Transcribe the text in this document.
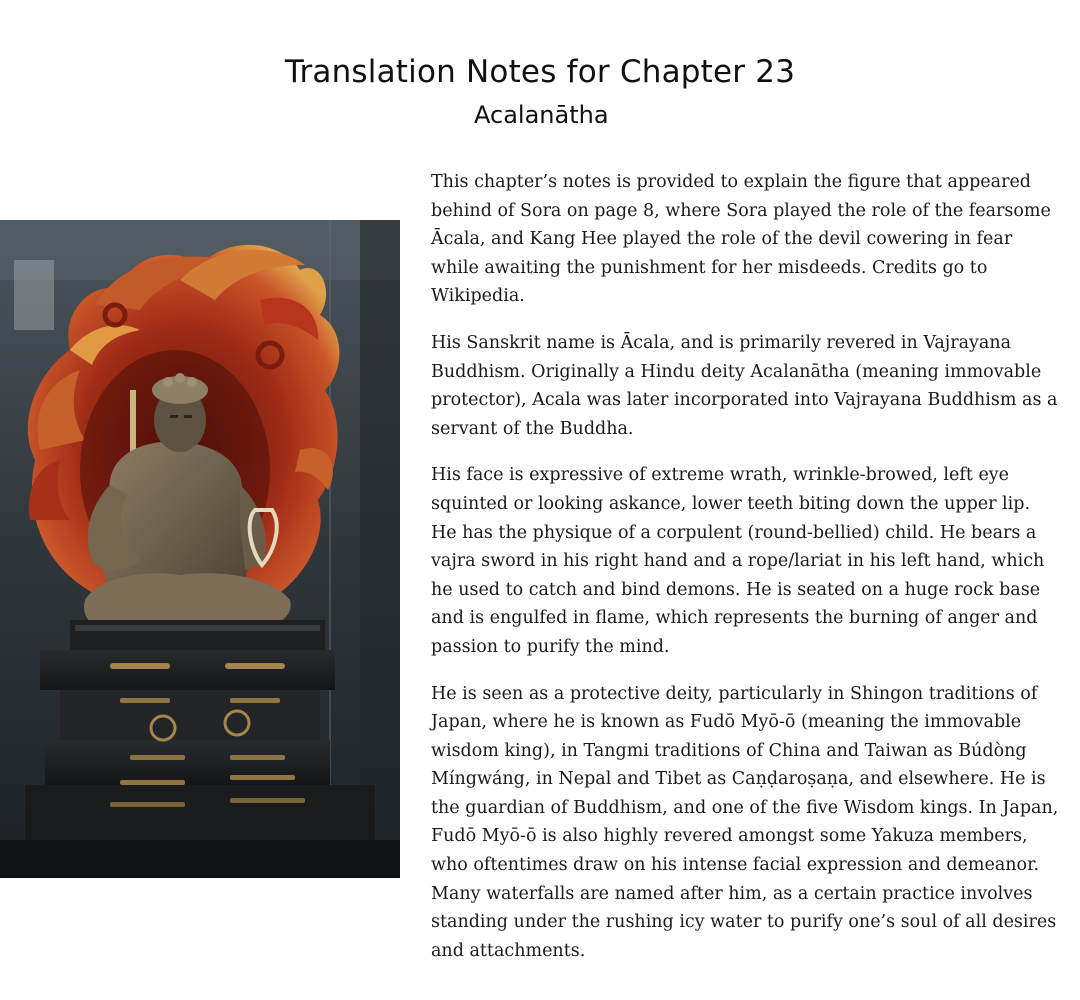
Translation Notes for Chapter 23
Acalanātha

This chapter’s notes is provided to explain the figure that appeared behind of Sora on page 8, where Sora played the role of the fearsome Ācala, and Kang Hee played the role of the devil cowering in fear while awaiting the punishment for her misdeeds. Credits go to Wikipedia.

His Sanskrit name is Ācala, and is primarily revered in Vajrayana Buddhism. Originally a Hindu deity Acalanātha (meaning immovable protector), Acala was later incorporated into Vajrayana Buddhism as a servant of the Buddha.

His face is expressive of extreme wrath, wrinkle-browed, left eye squinted or looking askance, lower teeth biting down the upper lip. He has the physique of a corpulent (round-bellied) child. He bears a vajra sword in his right hand and a rope/lariat in his left hand, which he used to catch and bind demons. He is seated on a huge rock base and is engulfed in flame, which represents the burning of anger and passion to purify the mind.

He is seen as a protective deity, particularly in Shingon traditions of Japan, where he is known as Fudō Myō-ō (meaning the immovable wisdom king), in Tangmi traditions of China and Taiwan as Búdòng Míngwáng, in Nepal and Tibet as Caṇḍaroṣaṇa, and elsewhere. He is the guardian of Buddhism, and one of the five Wisdom kings. In Japan, Fudō Myō-ō is also highly revered amongst some Yakuza members, who oftentimes draw on his intense facial expression and demeanor. Many waterfalls are named after him, as a certain practice involves standing under the rushing icy water to purify one’s soul of all desires and attachments.
